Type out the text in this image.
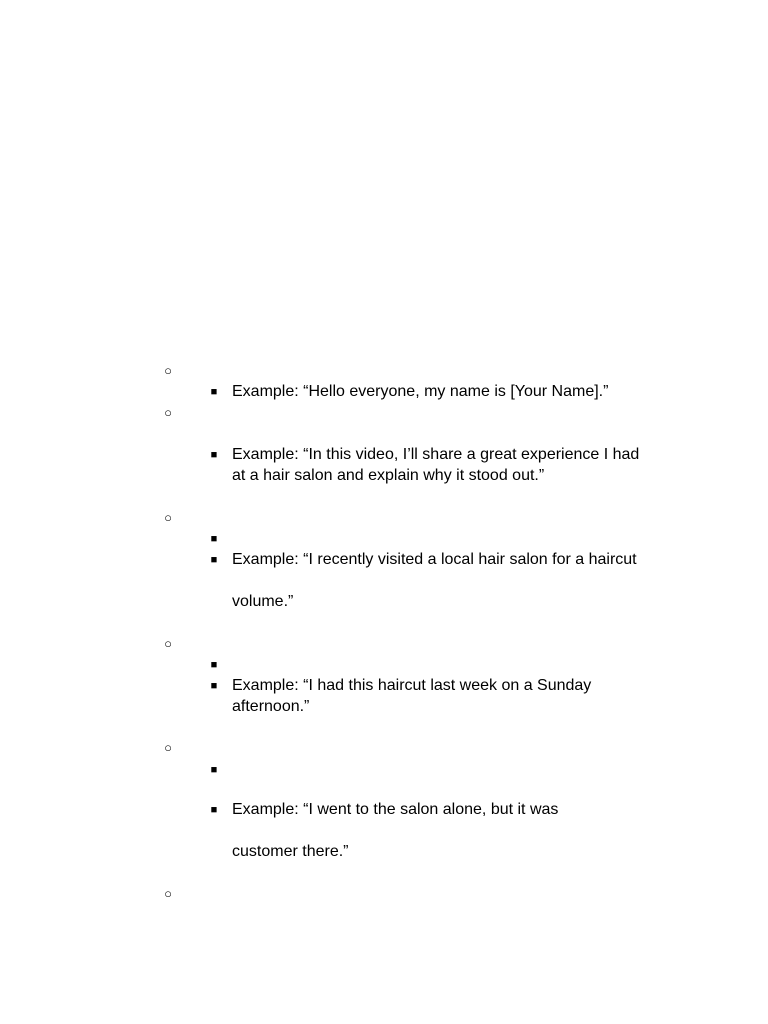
○
■ Example: “Hello everyone, my name is [Your Name].”
○
■ Example: “In this video, I’ll share a great experience I had
at a hair salon and explain why it stood out.”
○
■
■ Example: “I recently visited a local hair salon for a haircut
volume.”
○
■
■ Example: “I had this haircut last week on a Sunday
afternoon.”
○
■
■ Example: “I went to the salon alone, but it was
customer there.”
○
